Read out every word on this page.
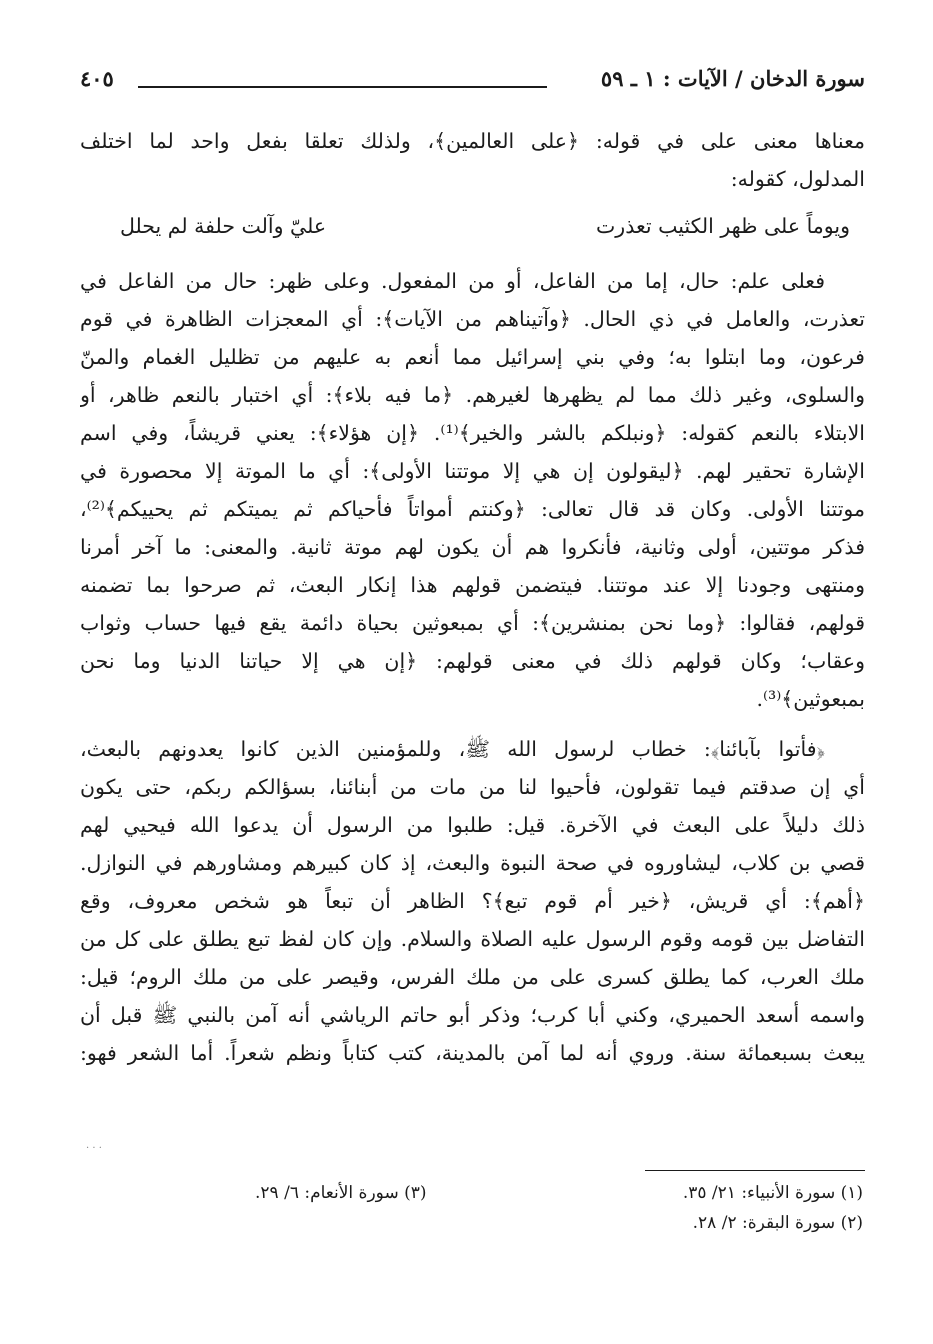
سورة الدخان / الآيات : ١ ـ ٥٩
٤٠٥
معناها معنى على في قوله: ﴿على العالمين﴾، ولذلك تعلقا بفعل واحد لما اختلف
المدلول، كقوله:
ويوماً على ظهر الكثيب تعذرت
عليّ وآلت حلفة لم يحلل
فعلى علم: حال، إما من الفاعل، أو من المفعول. وعلى ظهر: حال من الفاعل في
تعذرت، والعامل في ذي الحال. ﴿وآتيناهم من الآيات﴾: أي المعجزات الظاهرة في قوم
فرعون، وما ابتلوا به؛ وفي بني إسرائيل مما أنعم به عليهم من تظليل الغمام والمنّ
والسلوى، وغير ذلك مما لم يظهرها لغيرهم. ﴿ما فيه بلاء﴾: أي اختبار بالنعم ظاهر، أو
الابتلاء بالنعم كقوله: ﴿ونبلكم بالشر والخير﴾⁽¹⁾. ﴿إن هؤلاء﴾: يعني قريشاً، وفي اسم
الإشارة تحقير لهم. ﴿ليقولون إن هي إلا موتتنا الأولى﴾: أي ما الموتة إلا محصورة في
موتتنا الأولى. وكان قد قال تعالى: ﴿وكنتم أمواتاً فأحياكم ثم يميتكم ثم يحييكم﴾⁽²⁾،
فذكر موتتين، أولى وثانية، فأنكروا هم أن يكون لهم موتة ثانية. والمعنى: ما آخر أمرنا
ومنتهى وجودنا إلا عند موتتنا. فيتضمن قولهم هذا إنكار البعث، ثم صرحوا بما تضمنه
قولهم، فقالوا: ﴿وما نحن بمنشرين﴾: أي بمبعوثين بحياة دائمة يقع فيها حساب وثواب
وعقاب؛ وكان قولهم ذلك في معنى قولهم: ﴿إن هي إلا حياتنا الدنيا وما نحن
بمبعوثين﴾⁽³⁾.
﴿فأتوا بآبائنا﴾: خطاب لرسول الله ﷺ، وللمؤمنين الذين كانوا يعدونهم بالبعث،
أي إن صدقتم فيما تقولون، فأحيوا لنا من مات من أبنائنا، بسؤالكم ربكم، حتى يكون
ذلك دليلاً على البعث في الآخرة. قيل: طلبوا من الرسول أن يدعوا الله فيحيي لهم
قصي بن كلاب، ليشاوروه في صحة النبوة والبعث، إذ كان كبيرهم ومشاورهم في النوازل.
﴿أهم﴾: أي قريش، ﴿خير أم قوم تبع﴾؟ الظاهر أن تبعاً هو شخص معروف، وقع
التفاضل بين قومه وقوم الرسول عليه الصلاة والسلام. وإن كان لفظ تبع يطلق على كل من
ملك العرب، كما يطلق كسرى على من ملك الفرس، وقيصر على من ملك الروم؛ قيل:
واسمه أسعد الحميري، وكني أبا كرب؛ وذكر أبو حاتم الرياشي أنه آمن بالنبي ﷺ قبل أن
يبعث بسبعمائة سنة. وروي أنه لما آمن بالمدينة، كتب كتاباً ونظم شعراً. أما الشعر فهو:
· · ·
(١) سورة الأنبياء: ٢١/ ٣٥.
(٢) سورة البقرة: ٢/ ٢٨.
(٣) سورة الأنعام: ٦/ ٢٩.
